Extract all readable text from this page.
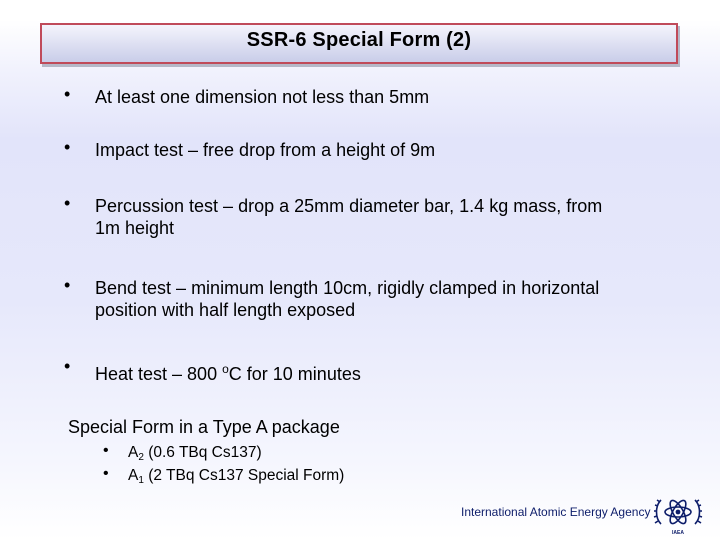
SSR-6 Special Form (2)
• At least one dimension not less than 5mm
• Impact test – free drop from a height of 9m
• Percussion test – drop a 25mm diameter bar, 1.4 kg mass, from
1m height
• Bend test – minimum length 10cm, rigidly clamped in horizontal
position with half length exposed
• Heat test – 800 $^o$C for 10 minutes
Special Form in a Type A package
• $A_2$ (0.6 TBq Cs137)
• $A_1$ (2 TBq Cs137 Special Form)
International Atomic Energy Agency
IAEA
